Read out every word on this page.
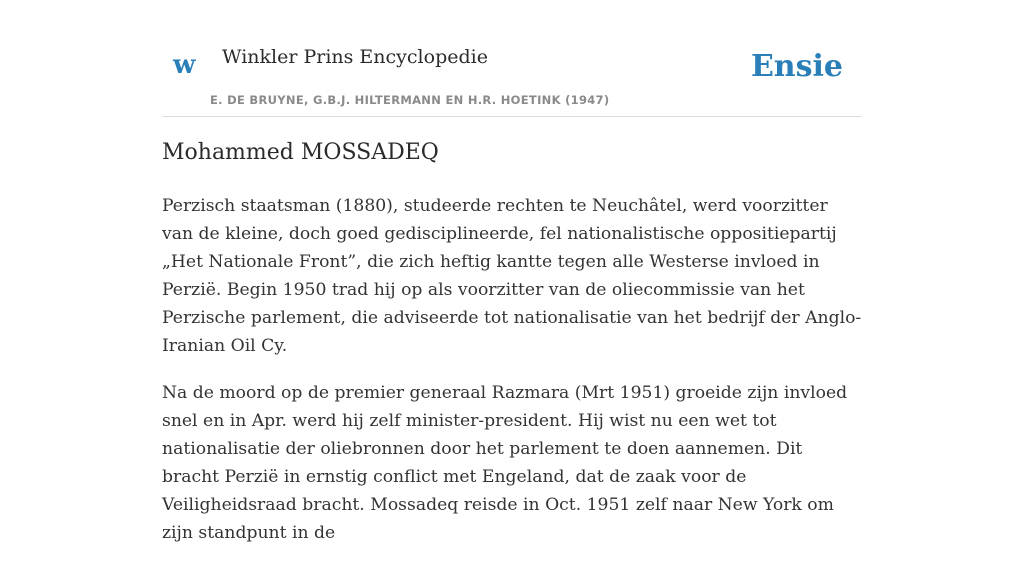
w Winkler Prins Encyclopedie
E. DE BRUYNE, G.B.J. HILTERMANN EN H.R. HOETINK (1947)
Ensie
Mohammed MOSSADEQ

Perzisch staatsman (1880), studeerde rechten te Neuchâtel, werd voorzitter van de kleine, doch goed gedisciplineerde, fel nationalistische oppositiepartij „Het Nationale Front”, die zich heftig kantte tegen alle Westerse invloed in Perzië. Begin 1950 trad hij op als voorzitter van de oliecommissie van het Perzische parlement, die adviseerde tot nationalisatie van het bedrijf der Anglo-Iranian Oil Cy.

Na de moord op de premier generaal Razmara (Mrt 1951) groeide zijn invloed snel en in Apr. werd hij zelf minister-president. Hij wist nu een wet tot nationalisatie der oliebronnen door het parlement te doen aannemen. Dit bracht Perzië in ernstig conflict met Engeland, dat de zaak voor de Veiligheidsraad bracht. Mossadeq reisde in Oct. 1951 zelf naar New York om zijn standpunt in de
